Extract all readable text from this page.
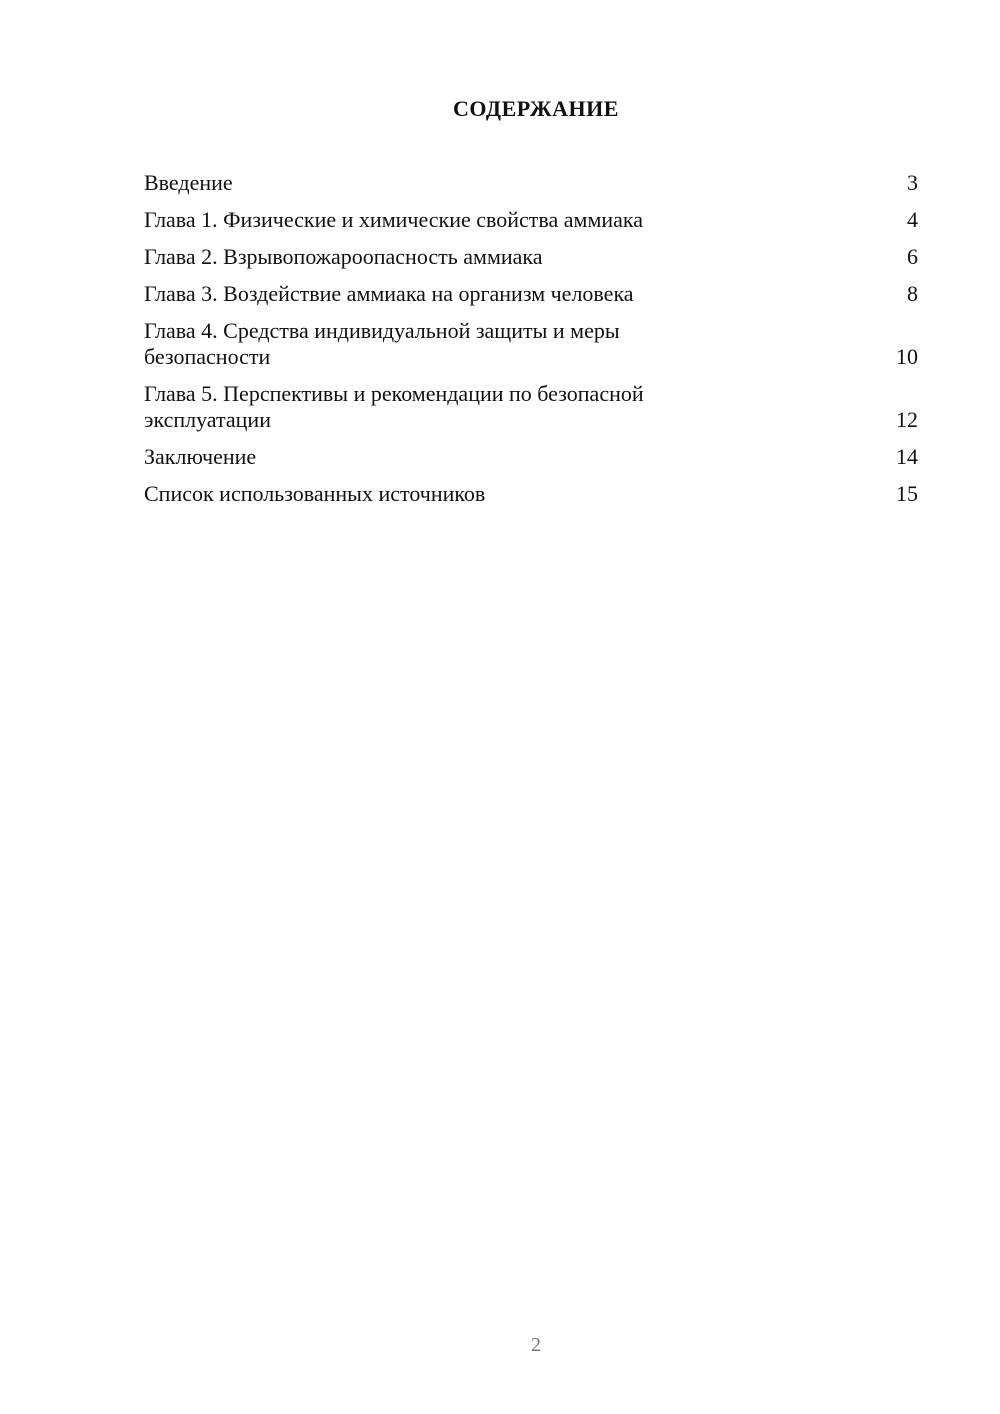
СОДЕРЖАНИЕ
Введение	3
Глава 1. Физические и химические свойства аммиака	4
Глава 2. Взрывопожароопасность аммиака	6
Глава 3. Воздействие аммиака на организм человека	8
Глава 4. Средства индивидуальной защиты и меры безопасности	10
Глава 5. Перспективы и рекомендации по безопасной эксплуатации	12
Заключение	14
Список использованных источников	15
2
